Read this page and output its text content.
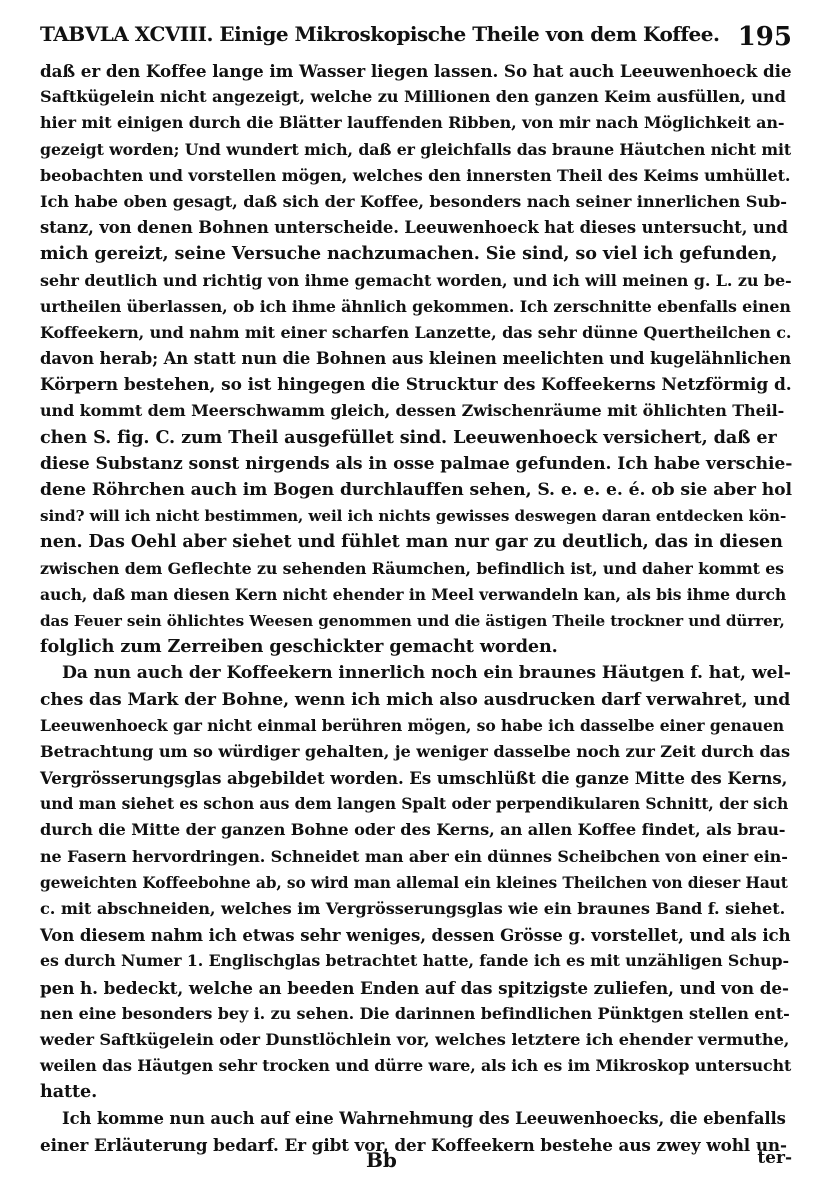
TABVLA XCVIII. Einige Mikroskopische Theile von dem Koffee. 195
daß er den Koffee lange im Wasser liegen lassen. So hat auch Leeuwenhoeck die
Saftkügelein nicht angezeigt, welche zu Millionen den ganzen Keim ausfüllen, und
hier mit einigen durch die Blätter lauffenden Ribben, von mir nach Möglichkeit an-
gezeigt worden; Und wundert mich, daß er gleichfalls das braune Häutchen nicht mit
beobachten und vorstellen mögen, welches den innersten Theil des Keims umhüllet.
Ich habe oben gesagt, daß sich der Koffee, besonders nach seiner innerlichen Sub-
stanz, von denen Bohnen unterscheide. Leeuwenhoeck hat dieses untersucht, und
mich gereizt, seine Versuche nachzumachen. Sie sind, so viel ich gefunden,
sehr deutlich und richtig von ihme gemacht worden, und ich will meinen g. L. zu be-
urtheilen überlassen, ob ich ihme ähnlich gekommen. Ich zerschnitte ebenfalls einen
Koffeekern, und nahm mit einer scharfen Lanzette, das sehr dünne Quertheilchen c.
davon herab; An statt nun die Bohnen aus kleinen meelichten und kugelähnlichen
Körpern bestehen, so ist hingegen die Strucktur des Koffeekerns Netzförmig d.
und kommt dem Meerschwamm gleich, dessen Zwischenräume mit öhlichten Theil-
chen S. fig. C. zum Theil ausgefüllet sind. Leeuwenhoeck versichert, daß er
diese Substanz sonst nirgends als in osse palmae gefunden. Ich habe verschie-
dene Röhrchen auch im Bogen durchlauffen sehen, S. e. e. e. é. ob sie aber hol
sind? will ich nicht bestimmen, weil ich nichts gewisses deswegen daran entdecken kön-
nen. Das Oehl aber siehet und fühlet man nur gar zu deutlich, das in diesen
zwischen dem Geflechte zu sehenden Räumchen, befindlich ist, und daher kommt es
auch, daß man diesen Kern nicht ehender in Meel verwandeln kan, als bis ihme durch
das Feuer sein öhlichtes Weesen genommen und die ästigen Theile trockner und dürrer,
folglich zum Zerreiben geschickter gemacht worden.
Da nun auch der Koffeekern innerlich noch ein braunes Häutgen f. hat, wel-
ches das Mark der Bohne, wenn ich mich also ausdrucken darf verwahret, und
Leeuwenhoeck gar nicht einmal berühren mögen, so habe ich dasselbe einer genauen
Betrachtung um so würdiger gehalten, je weniger dasselbe noch zur Zeit durch das
Vergrösserungsglas abgebildet worden. Es umschlüßt die ganze Mitte des Kerns,
und man siehet es schon aus dem langen Spalt oder perpendikularen Schnitt, der sich
durch die Mitte der ganzen Bohne oder des Kerns, an allen Koffee findet, als brau-
ne Fasern hervordringen. Schneidet man aber ein dünnes Scheibchen von einer ein-
geweichten Koffeebohne ab, so wird man allemal ein kleines Theilchen von dieser Haut
c. mit abschneiden, welches im Vergrösserungsglas wie ein braunes Band f. siehet.
Von diesem nahm ich etwas sehr weniges, dessen Grösse g. vorstellet, und als ich
es durch Numer 1. Englischglas betrachtet hatte, fande ich es mit unzähligen Schup-
pen h. bedeckt, welche an beeden Enden auf das spitzigste zuliefen, und von de-
nen eine besonders bey i. zu sehen. Die darinnen befindlichen Pünktgen stellen ent-
weder Saftkügelein oder Dunstlöchlein vor, welches letztere ich ehender vermuthe,
weilen das Häutgen sehr trocken und dürre ware, als ich es im Mikroskop untersucht
hatte.
Ich komme nun auch auf eine Wahrnehmung des Leeuwenhoecks, die ebenfalls
einer Erläuterung bedarf. Er gibt vor, der Koffeekern bestehe aus zwey wohl un-
Bb	ter-
